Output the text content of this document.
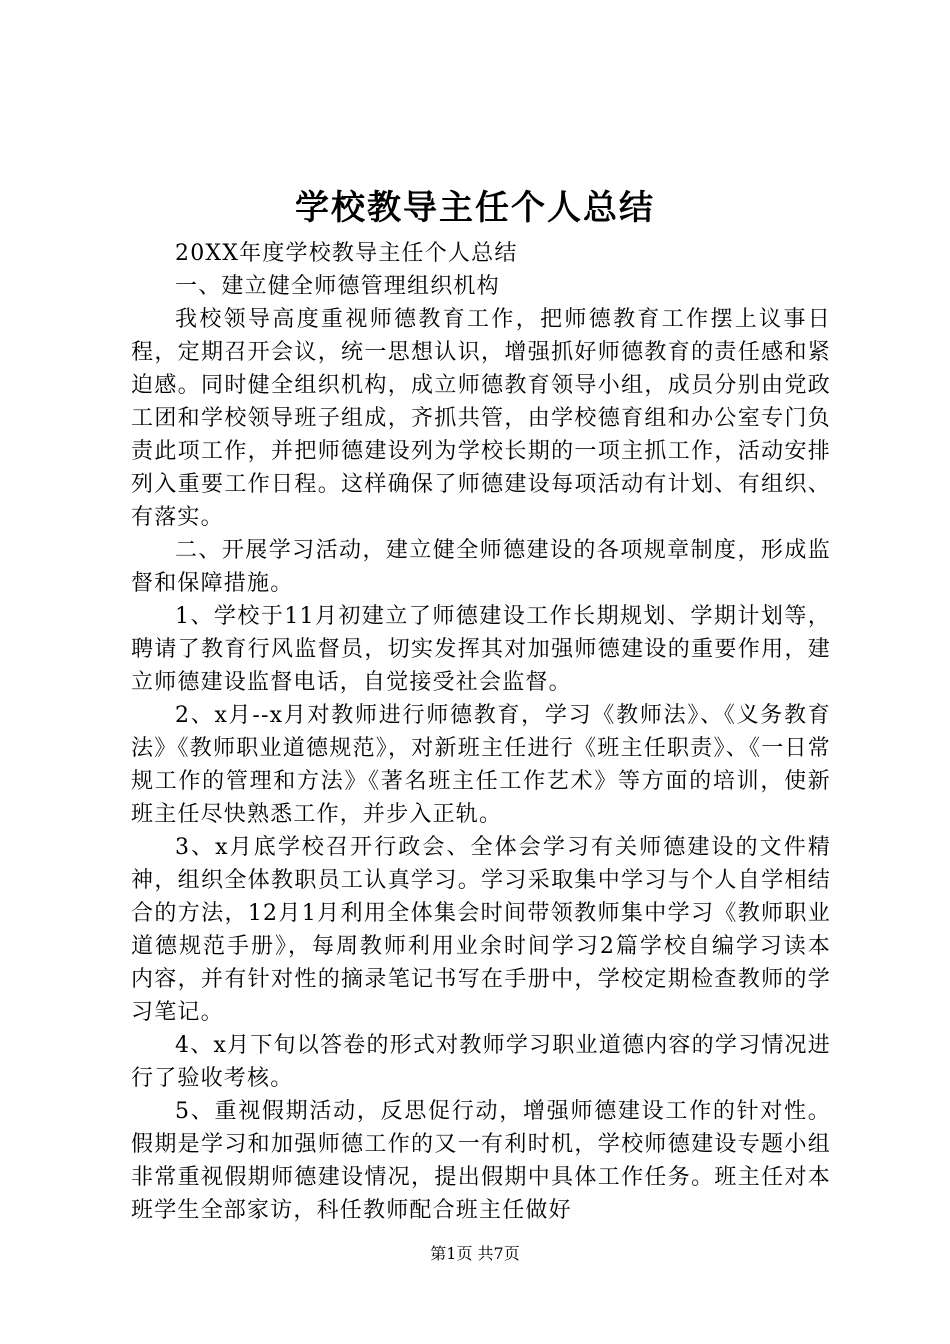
学校教导主任个人总结

20XX年度学校教导主任个人总结

一、建立健全师德管理组织机构

我校领导高度重视师德教育工作，把师德教育工作摆上议事日程，定期召开会议，统一思想认识，增强抓好师德教育的责任感和紧迫感。同时健全组织机构，成立师德教育领导小组，成员分别由党政工团和学校领导班子组成，齐抓共管，由学校德育组和办公室专门负责此项工作，并把师德建设列为学校长期的一项主抓工作，活动安排列入重要工作日程。这样确保了师德建设每项活动有计划、有组织、有落实。

二、开展学习活动，建立健全师德建设的各项规章制度，形成监督和保障措施。

1、学校于11月初建立了师德建设工作长期规划、学期计划等，聘请了教育行风监督员，切实发挥其对加强师德建设的重要作用，建立师德建设监督电话，自觉接受社会监督。

2、x月--x月对教师进行师德教育，学习《教师法》、《义务教育法》《教师职业道德规范》，对新班主任进行《班主任职责》、《一日常规工作的管理和方法》《著名班主任工作艺术》等方面的培训，使新班主任尽快熟悉工作，并步入正轨。

3、x月底学校召开行政会、全体会学习有关师德建设的文件精神，组织全体教职员工认真学习。学习采取集中学习与个人自学相结合的方法，12月1月利用全体集会时间带领教师集中学习《教师职业道德规范手册》，每周教师利用业余时间学习2篇学校自编学习读本内容，并有针对性的摘录笔记书写在手册中，学校定期检查教师的学习笔记。

4、x月下旬以答卷的形式对教师学习职业道德内容的学习情况进行了验收考核。

5、重视假期活动，反思促行动，增强师德建设工作的针对性。假期是学习和加强师德工作的又一有利时机，学校师德建设专题小组非常重视假期师德建设情况，提出假期中具体工作任务。班主任对本班学生全部家访，科任教师配合班主任做好

第1页 共7页
